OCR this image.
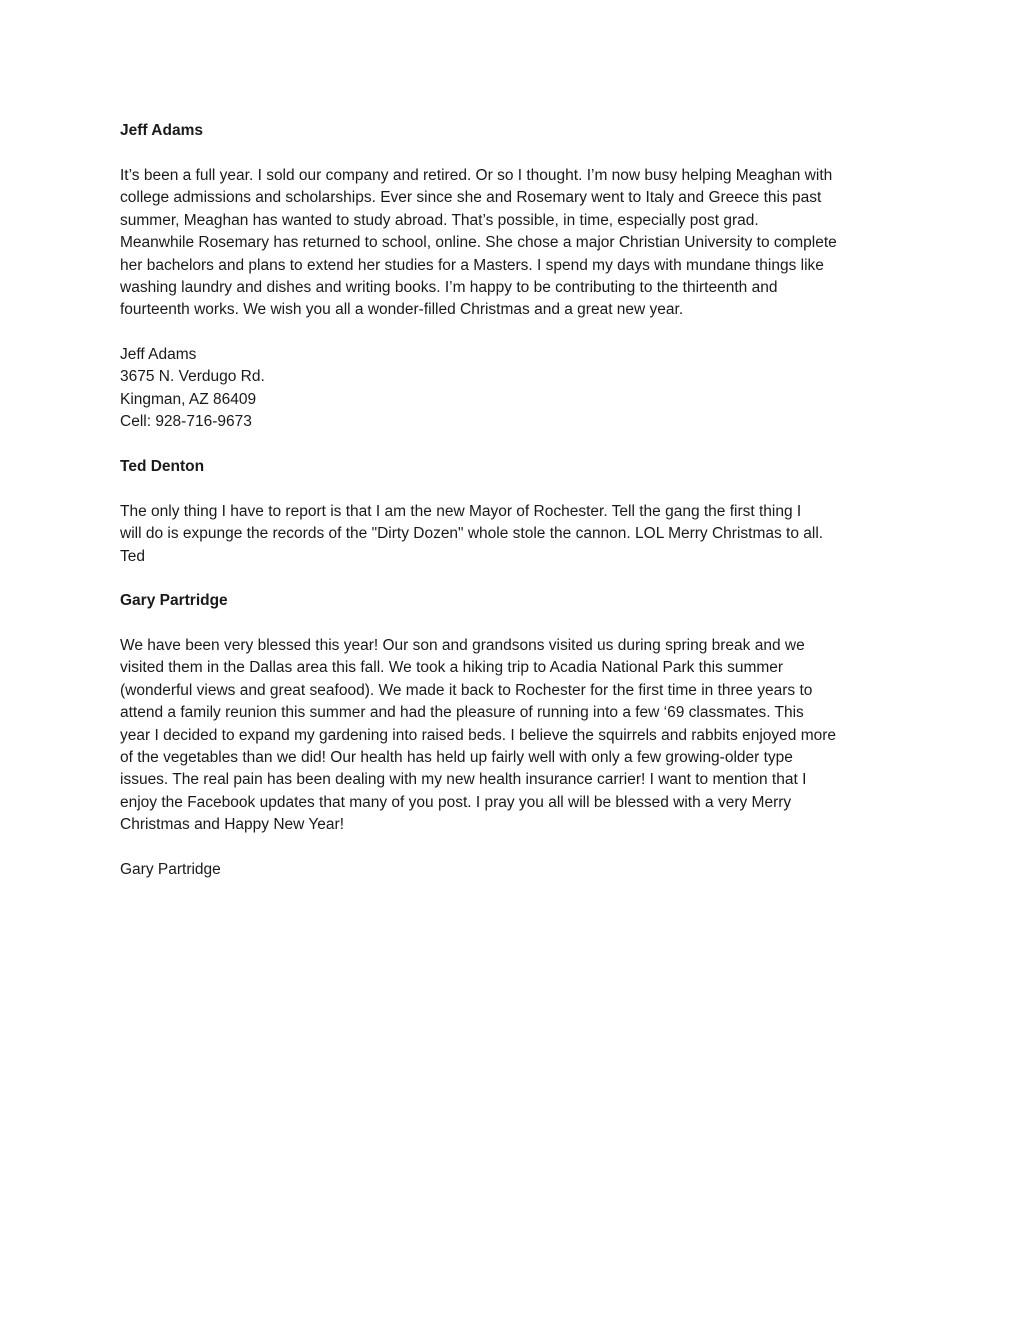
Jeff Adams

It’s been a full year. I sold our company and retired. Or so I thought. I’m now busy helping Meaghan with

college admissions and scholarships. Ever since she and Rosemary went to Italy and Greece this past

summer, Meaghan has wanted to study abroad. That’s possible, in time, especially post grad.

Meanwhile Rosemary has returned to school, online. She chose a major Christian University to complete

her bachelors and plans to extend her studies for a Masters. I spend my days with mundane things like

washing laundry and dishes and writing books. I’m happy to be contributing to the thirteenth and

fourteenth works. We wish you all a wonder-filled Christmas and a great new year.

Jeff Adams

3675 N. Verdugo Rd.

Kingman, AZ 86409

Cell: 928-716-9673

Ted Denton

The only thing I have to report is that I am the new Mayor of Rochester. Tell the gang the first thing I

will do is expunge the records of the "Dirty Dozen" whole stole the cannon. LOL Merry Christmas to all.

Ted

Gary Partridge

We have been very blessed this year! Our son and grandsons visited us during spring break and we

visited them in the Dallas area this fall. We took a hiking trip to Acadia National Park this summer

(wonderful views and great seafood). We made it back to Rochester for the first time in three years to

attend a family reunion this summer and had the pleasure of running into a few ‘69 classmates. This

year I decided to expand my gardening into raised beds. I believe the squirrels and rabbits enjoyed more

of the vegetables than we did! Our health has held up fairly well with only a few growing-older type

issues. The real pain has been dealing with my new health insurance carrier! I want to mention that I

enjoy the Facebook updates that many of you post. I pray you all will be blessed with a very Merry

Christmas and Happy New Year!

Gary Partridge
